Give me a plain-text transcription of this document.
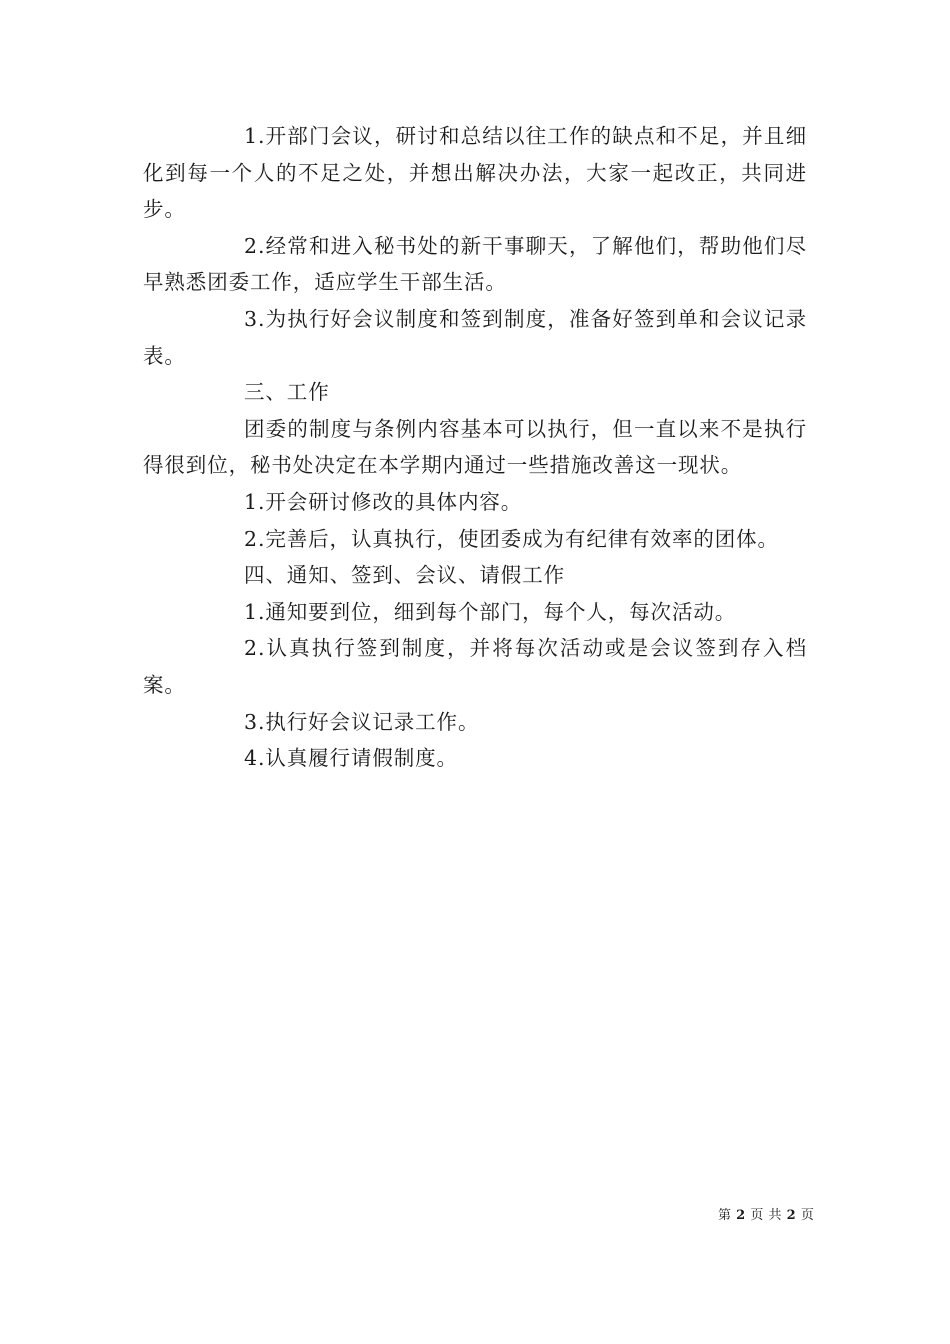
1.开部门会议，研讨和总结以往工作的缺点和不足，并且细化到每一个人的不足之处，并想出解决办法，大家一起改正，共同进步。

2.经常和进入秘书处的新干事聊天，了解他们，帮助他们尽早熟悉团委工作，适应学生干部生活。

3.为执行好会议制度和签到制度，准备好签到单和会议记录表。

三、工作

团委的制度与条例内容基本可以执行，但一直以来不是执行得很到位，秘书处决定在本学期内通过一些措施改善这一现状。

1.开会研讨修改的具体内容。

2.完善后，认真执行，使团委成为有纪律有效率的团体。

四、通知、签到、会议、请假工作

1.通知要到位，细到每个部门，每个人，每次活动。

2.认真执行签到制度，并将每次活动或是会议签到存入档案。

3.执行好会议记录工作。

4.认真履行请假制度。

第 2 页 共 2 页
